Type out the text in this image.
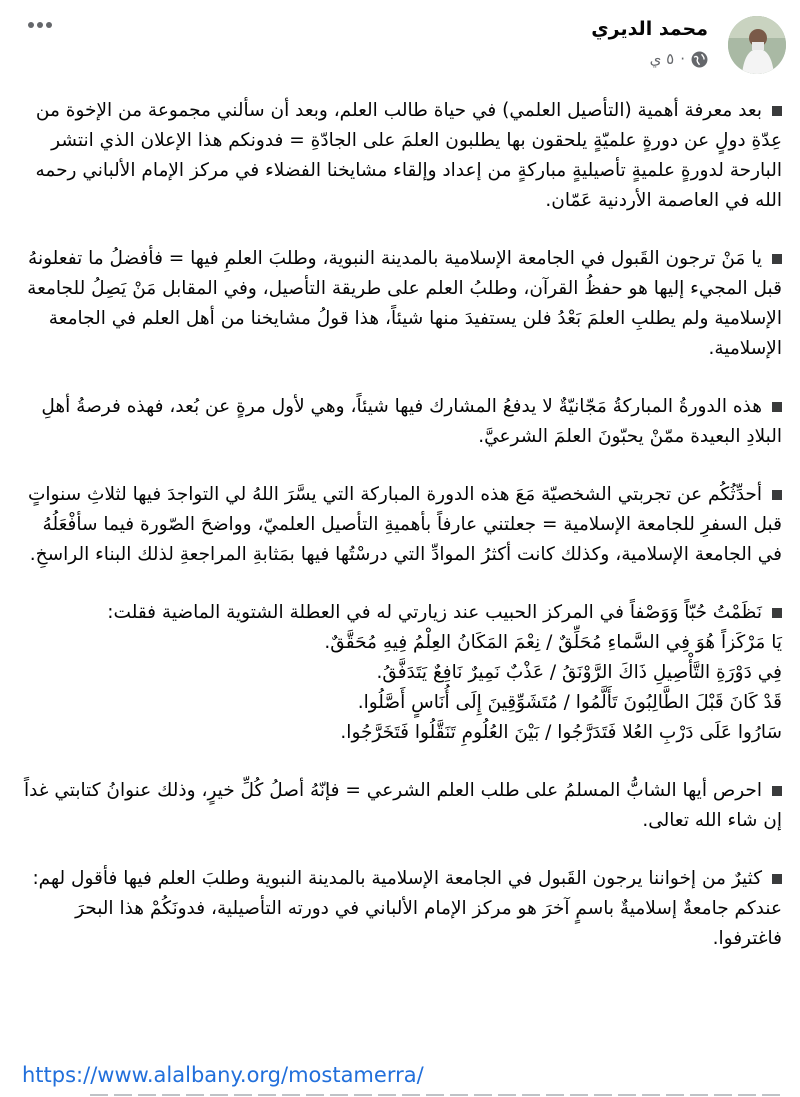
محمد الديري
٥ ي ·

بعد معرفة أهمية (التأصيل العلمي) في حياة طالب العلم، وبعد أن سألني مجموعة من الإخوة من عِدّةِ دولٍ عن دورةٍ علميّةٍ يلحقون بها يطلبون العلمَ على الجادّةِ = فدونكم هذا الإعلان الذي انتشر البارحة لدورةٍ علميةٍ تأصيليةٍ مباركةٍ من إعداد وإلقاء مشايخنا الفضلاء في مركز الإمام الألباني رحمه الله في العاصمة الأردنية عَمّان.

يا مَنْ ترجون القَبول في الجامعة الإسلامية بالمدينة النبوية، وطلبَ العلمِ فيها = فأفضلُ ما تفعلونهُ قبل المجيء إليها هو حفظُ القرآن، وطلبُ العلم على طريقة التأصيل، وفي المقابل مَنْ يَصِلُ للجامعة الإسلامية ولم يطلبِ العلمَ بَعْدُ فلن يستفيدَ منها شيئاً، هذا قولُ مشايخنا من أهل العلم في الجامعة الإسلامية.

هذه الدورةُ المباركةُ مَجّانيّةٌ لا يدفعُ المشارك فيها شيئاً، وهي لأول مرةٍ عن بُعد، فهذه فرصةُ أهلِ البلادِ البعيدة ممّنْ يحبّونَ العلمَ الشرعيَّ.

أحدِّثُكُم عن تجربتي الشخصيّة مَعَ هذه الدورة المباركة التي يسَّرَ اللهُ لي التواجدَ فيها لثلاثِ سنواتٍ قبل السفرِ للجامعة الإسلامية = جعلتني عارفاً بأهميةِ التأصيل العلميّ، وواضحَ الصّورة فيما سأفْعَلُهُ في الجامعة الإسلامية، وكذلك كانت أكثرُ الموادِّ التي درسْتُها فيها بمَثابةِ المراجعةِ لذلك البناء الراسخِ.

نَظَمْتُ حُبّاً وَوَصْفاً في المركز الحبيب عند زيارتي له في العطلة الشتوية الماضية فقلت:
يَا مَرْكَزاً هُوَ فِي السَّماءِ مُحَلِّقٌ / نِعْمَ المَكَانُ العِلْمُ فِيهِ مُحَقَّقٌ.
فِي دَوْرَةِ التَّأْصِيلِ ذَاكَ الرَّوْنَقُ / عَذْبٌ نَمِيرٌ نَافِعٌ يَتَدَفَّقُ.
قَدْ كَانَ قَبْلَ الطَّالِبُونَ تَأَلَّمُوا / مُتَشَوِّقِينَ إِلَى أُنَاسٍ أَصَّلُوا.
سَارُوا عَلَى دَرْبِ العُلا فَتَدَرَّجُوا / بَيْنَ العُلُومِ تَنَقَّلُوا فَتَخَرَّجُوا.

احرص أيها الشابُّ المسلمُ على طلب العلم الشرعي = فإنّهُ أصلُ كُلِّ خيرٍ، وذلك عنوانُ كتابتي غداً إن شاء الله تعالى.

كثيرٌ من إخواننا يرجون القَبول في الجامعة الإسلامية بالمدينة النبوية وطلبَ العلم فيها فأقول لهم: عندكم جامعةٌ إسلاميةٌ باسمٍ آخرَ هو مركز الإمام الألباني في دورته التأصيلية، فدونَكُمْ هذا البحرَ فاغترفوا.

https://www.alalbany.org/mostamerra/
